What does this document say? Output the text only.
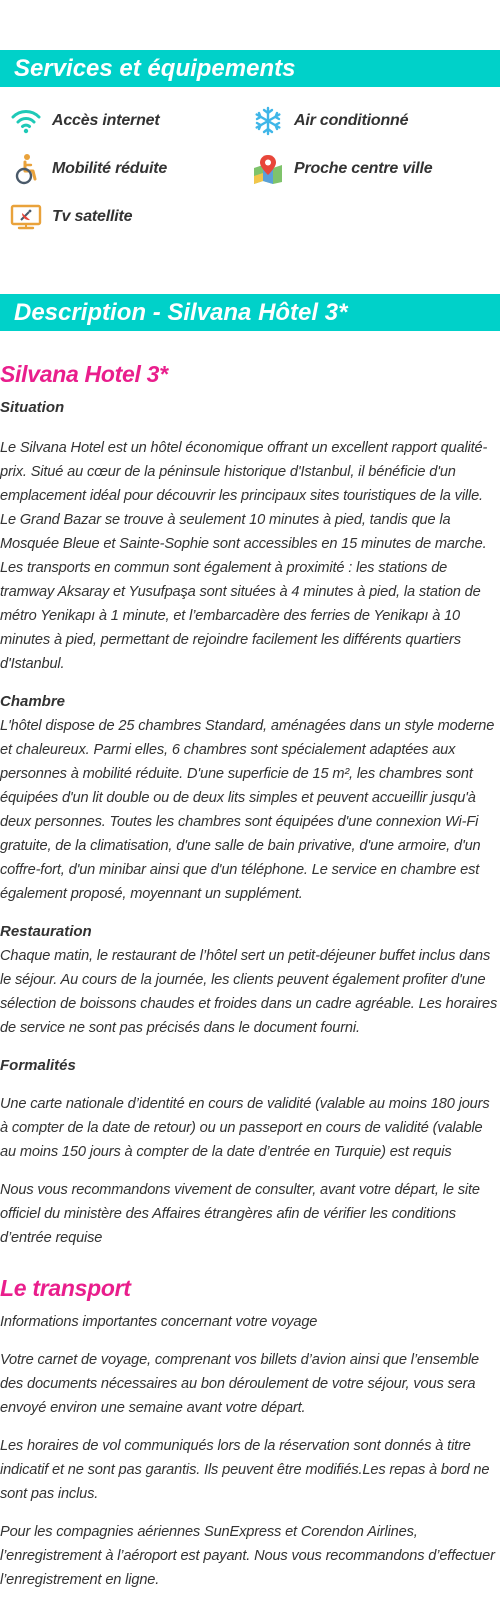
Services et équipements
Accès internet	Air conditionné
Mobilité réduite	Proche centre ville
Tv satellite
Description - Silvana Hôtel 3*
Silvana Hotel 3*
Situation

Le Silvana Hotel est un hôtel économique offrant un excellent rapport qualité-prix. Situé au cœur de la péninsule historique d'Istanbul, il bénéficie d'un emplacement idéal pour découvrir les principaux sites touristiques de la ville. Le Grand Bazar se trouve à seulement 10 minutes à pied, tandis que la Mosquée Bleue et Sainte-Sophie sont accessibles en 15 minutes de marche. Les transports en commun sont également à proximité : les stations de tramway Aksaray et Yusufpaşa sont situées à 4 minutes à pied, la station de métro Yenikapı à 1 minute, et l’embarcadère des ferries de Yenikapı à 10 minutes à pied, permettant de rejoindre facilement les différents quartiers d'Istanbul.

Chambre

L'hôtel dispose de 25 chambres Standard, aménagées dans un style moderne et chaleureux. Parmi elles, 6 chambres sont spécialement adaptées aux personnes à mobilité réduite. D'une superficie de 15 m², les chambres sont équipées d'un lit double ou de deux lits simples et peuvent accueillir jusqu'à deux personnes. Toutes les chambres sont équipées d'une connexion Wi-Fi gratuite, de la climatisation, d'une salle de bain privative, d'une armoire, d'un coffre-fort, d'un minibar ainsi que d'un téléphone. Le service en chambre est également proposé, moyennant un supplément.

Restauration

Chaque matin, le restaurant de l’hôtel sert un petit-déjeuner buffet inclus dans le séjour. Au cours de la journée, les clients peuvent également profiter d'une sélection de boissons chaudes et froides dans un cadre agréable. Les horaires de service ne sont pas précisés dans le document fourni.

Formalités

Une carte nationale d’identité en cours de validité (valable au moins 180 jours à compter de la date de retour) ou un passeport en cours de validité (valable au moins 150 jours à compter de la date d’entrée en Turquie) est requis

Nous vous recommandons vivement de consulter, avant votre départ, le site officiel du ministère des Affaires étrangères afin de vérifier les conditions d’entrée requise

Le transport

Informations importantes concernant votre voyage

Votre carnet de voyage, comprenant vos billets d’avion ainsi que l’ensemble des documents nécessaires au bon déroulement de votre séjour, vous sera envoyé environ une semaine avant votre départ.

Les horaires de vol communiqués lors de la réservation sont donnés à titre indicatif et ne sont pas garantis. Ils peuvent être modifiés.Les repas à bord ne sont pas inclus.

Pour les compagnies aériennes SunExpress et Corendon Airlines, l’enregistrement à l’aéroport est payant. Nous vous recommandons d’effectuer l’enregistrement en ligne.
